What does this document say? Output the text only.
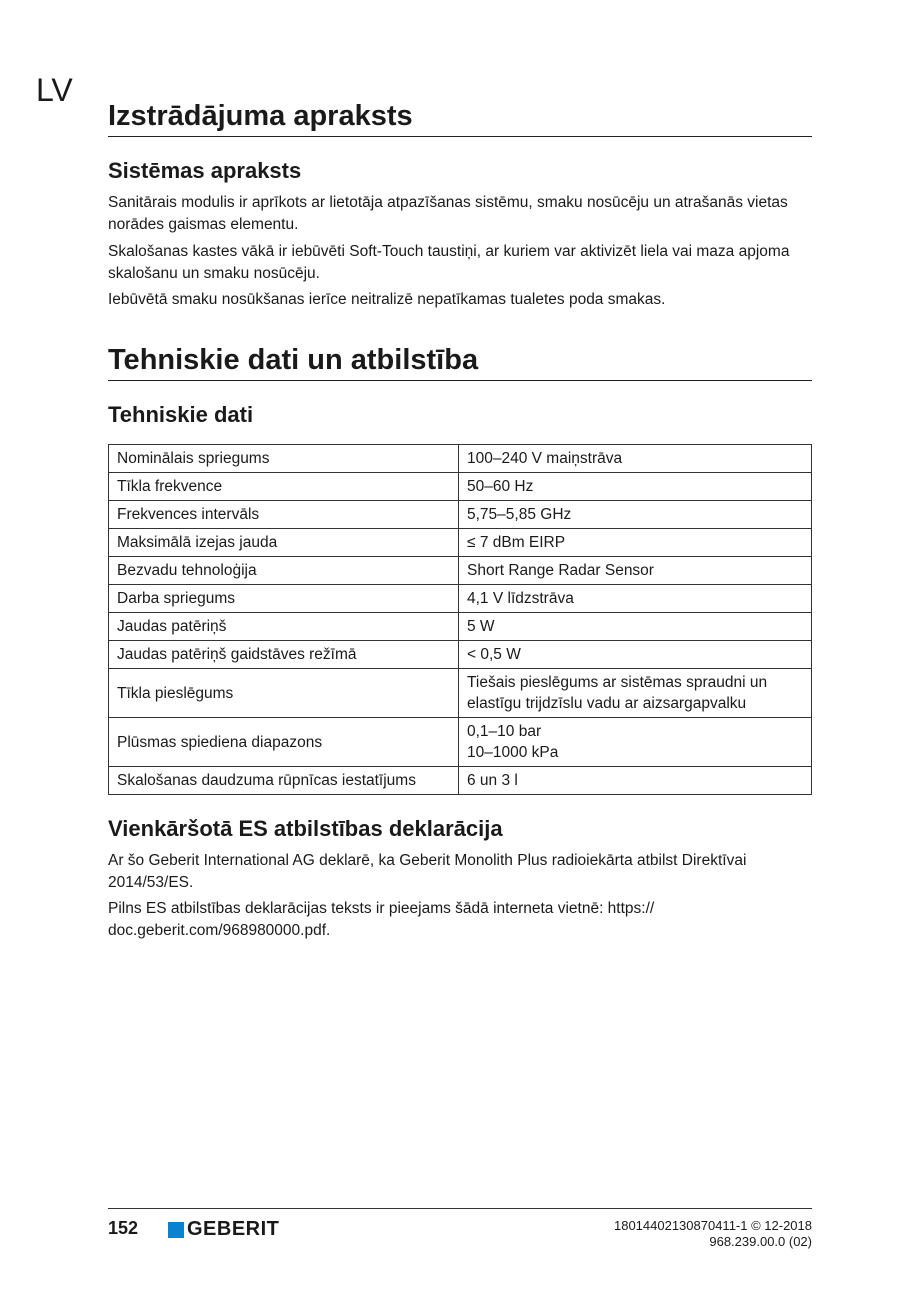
LV
Izstrādājuma apraksts
Sistēmas apraksts
Sanitārais modulis ir aprīkots ar lietotāja atpazīšanas sistēmu, smaku nosūcēju un atrašanās vietas norādes gaismas elementu.
Skalošanas kastes vākā ir iebūvēti Soft-Touch taustiņi, ar kuriem var aktivizēt liela vai maza apjoma skalošanu un smaku nosūcēju.
Iebūvētā smaku nosūkšanas ierīce neitralizē nepatīkamas tualetes poda smakas.
Tehniskie dati un atbilstība
Tehniskie dati
Nominālais spriegums	100–240 V maiņstrāva

Tīkla frekvence	50–60 Hz

Frekvences intervāls	5,75–5,85 GHz

Maksimālā izejas jauda	≤ 7 dBm EIRP

Bezvadu tehnoloģija	Short Range Radar Sensor

Darba spriegums	4,1 V līdzstrāva

Jaudas patēriņš	5 W

Jaudas patēriņš gaidstāves režīmā	< 0,5 W

Tīkla pieslēgums	Tiešais pieslēgums ar sistēmas spraudni un elastīgu trijdzīslu vadu ar aizsargapvalku

Plūsmas spiediena diapazons	0,1–10 bar
10–1000 kPa

Skalošanas daudzuma rūpnīcas iestatījums	6 un 3 l
Vienkāršotā ES atbilstības deklarācija
Ar šo Geberit International AG deklarē, ka Geberit Monolith Plus radioiekārta atbilst Direktīvai 2014/53/ES.
Pilns ES atbilstības deklarācijas teksts ir pieejams šādā interneta vietnē: https:// doc.geberit.com/968980000.pdf.
152 GEBERIT	18014402130870411-1 © 12-2018
968.239.00.0 (02)
